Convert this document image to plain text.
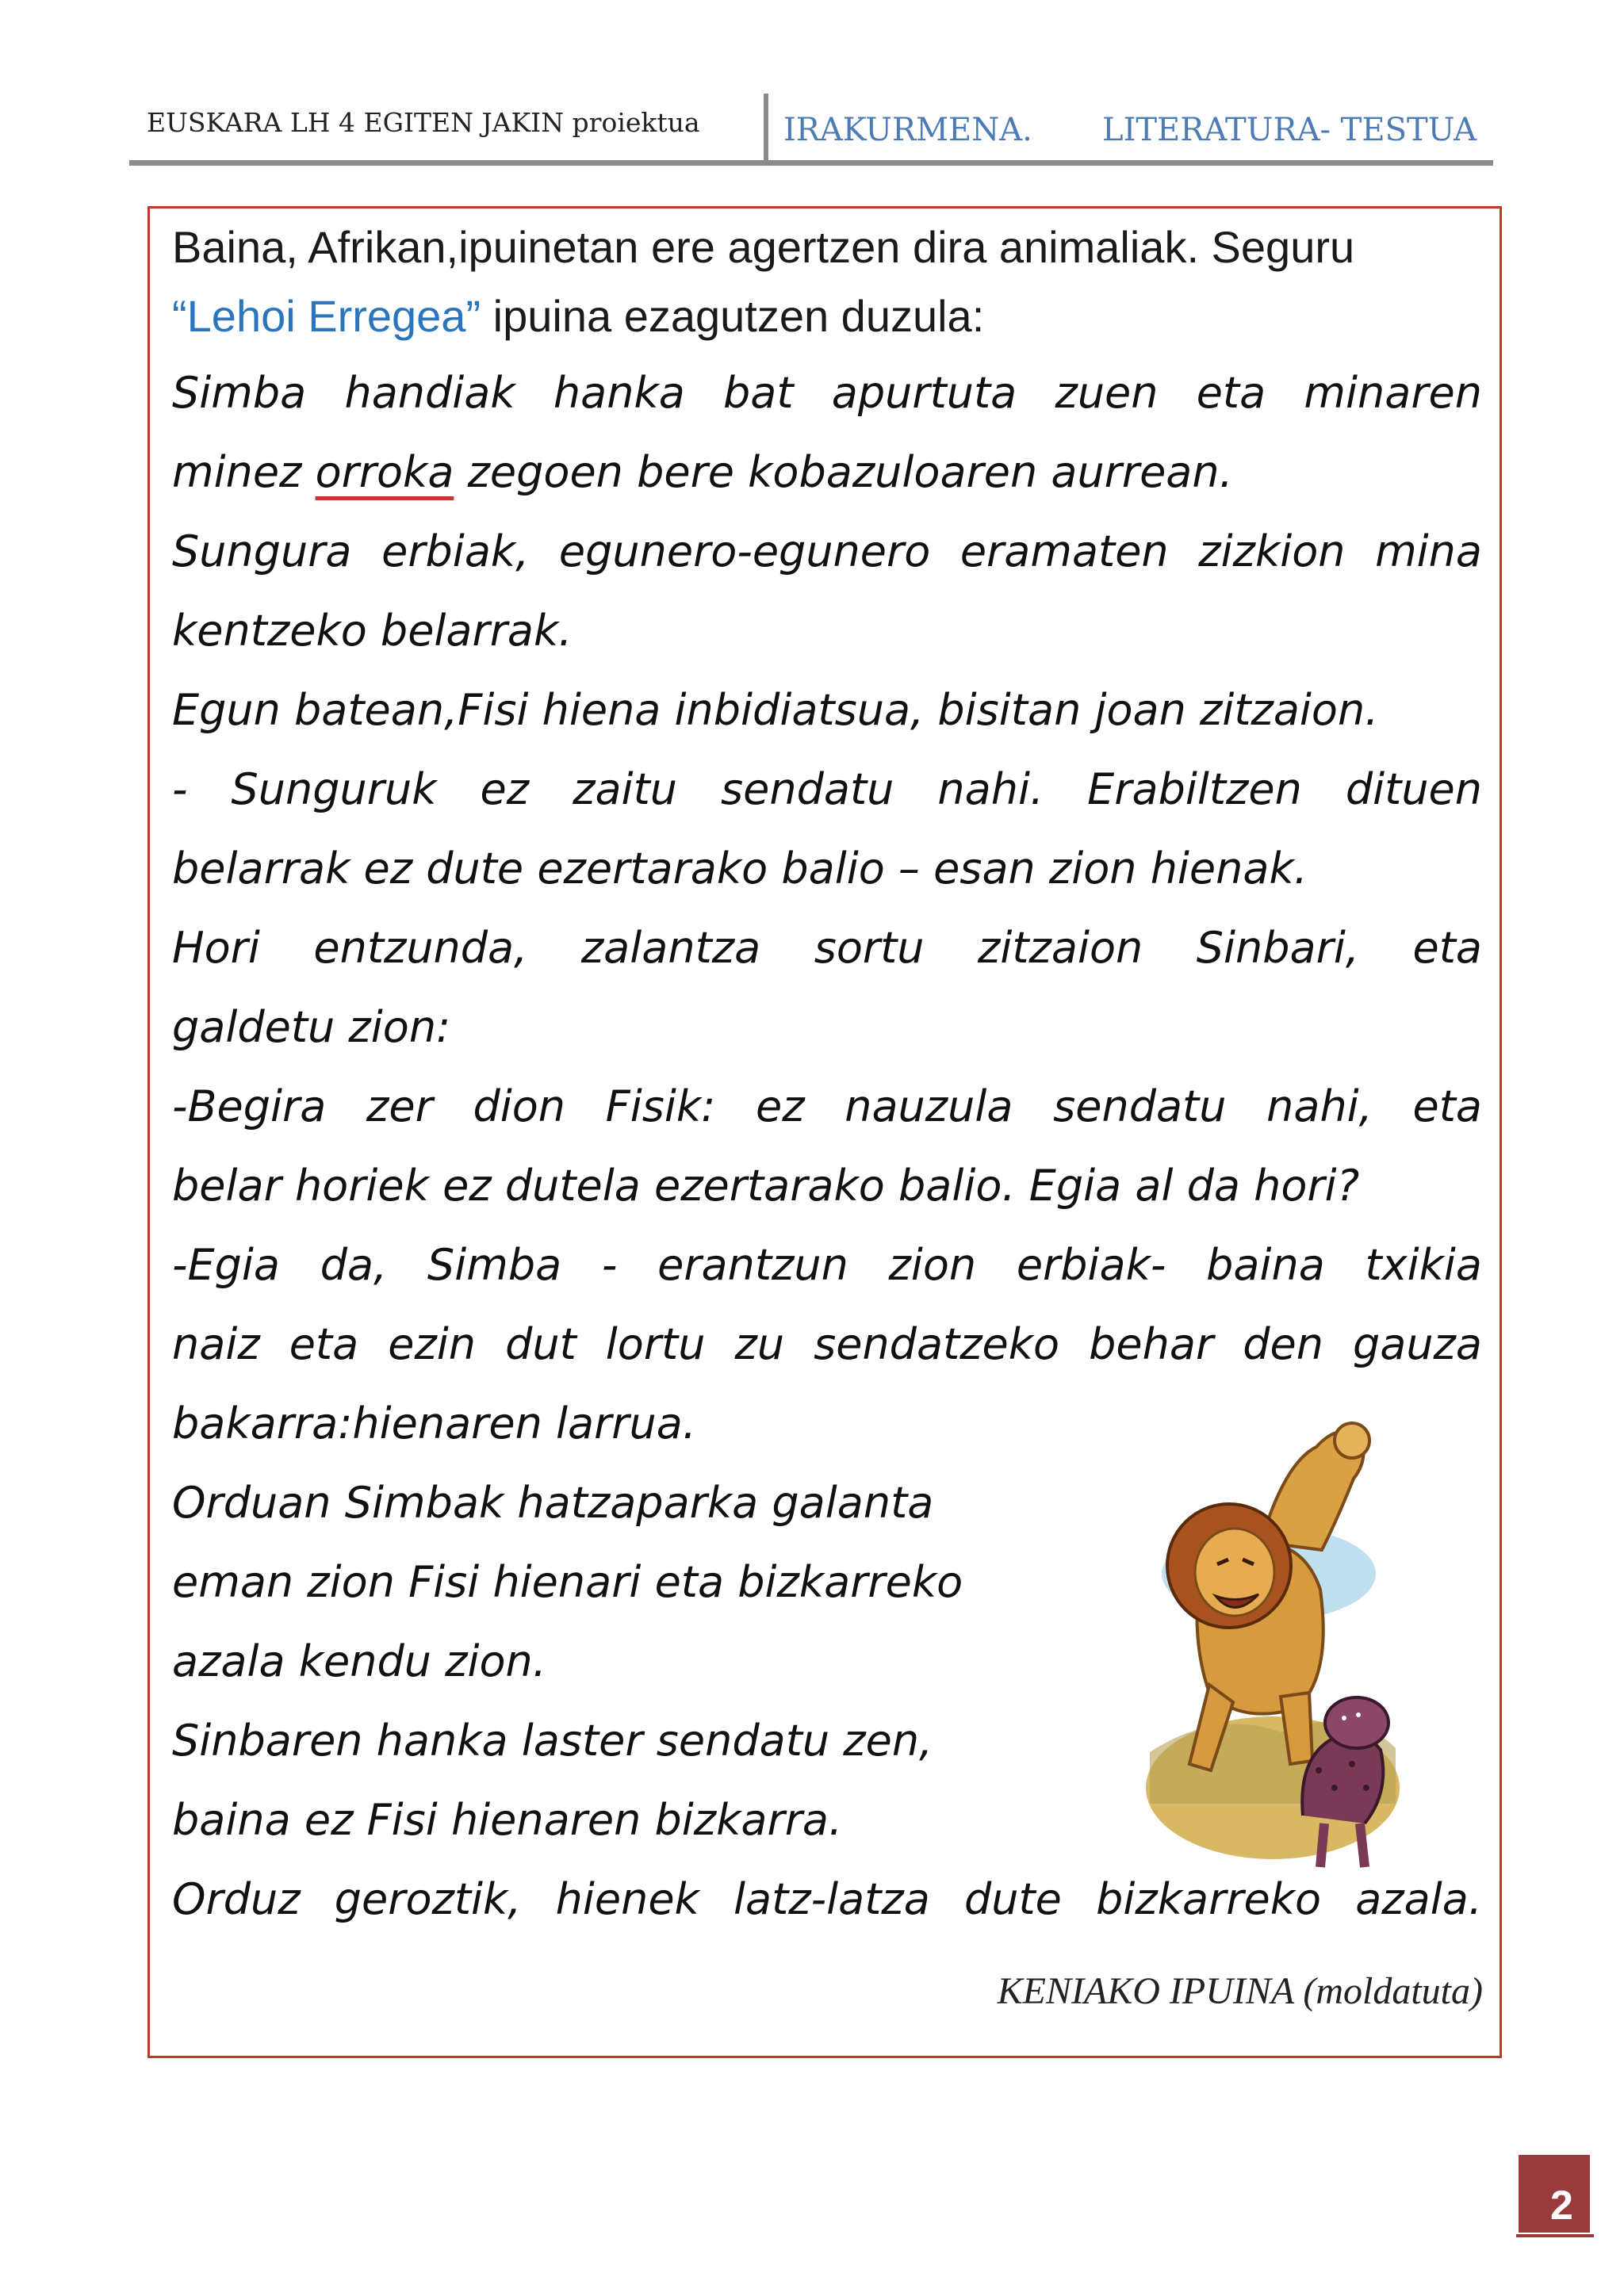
EUSKARA LH 4 EGITEN JAKIN proiektua	IRAKURMENA. LITERATURA- TESTUA
Baina, Afrikan,ipuinetan ere agertzen dira animaliak. Seguru
“Lehoi Erregea” ipuina ezagutzen duzula:
Simba handiak hanka bat apurtuta zuen eta minaren
minez orroka zegoen bere kobazuloaren aurrean.
Sungura erbiak, egunero-egunero eramaten zizkion mina
kentzeko belarrak.
Egun batean,Fisi hiena inbidiatsua, bisitan joan zitzaion.
- Sunguruk ez zaitu sendatu nahi. Erabiltzen dituen
belarrak ez dute ezertarako balio – esan zion hienak.
Hori entzunda, zalantza sortu zitzaion Sinbari, eta
galdetu zion:
-Begira zer dion Fisik: ez nauzula sendatu nahi, eta
belar horiek ez dutela ezertarako balio. Egia al da hori?
-Egia da, Simba - erantzun zion erbiak- baina txikia
naiz eta ezin dut lortu zu sendatzeko behar den gauza
bakarra:hienaren larrua.
Orduan Simbak hatzaparka galanta
eman zion Fisi hienari eta bizkarreko
azala kendu zion.
Sinbaren hanka laster sendatu zen,
baina ez Fisi hienaren bizkarra.
Orduz geroztik, hienek latz-latza dute bizkarreko azala.
KENIAKO IPUINA (moldatuta)
2
